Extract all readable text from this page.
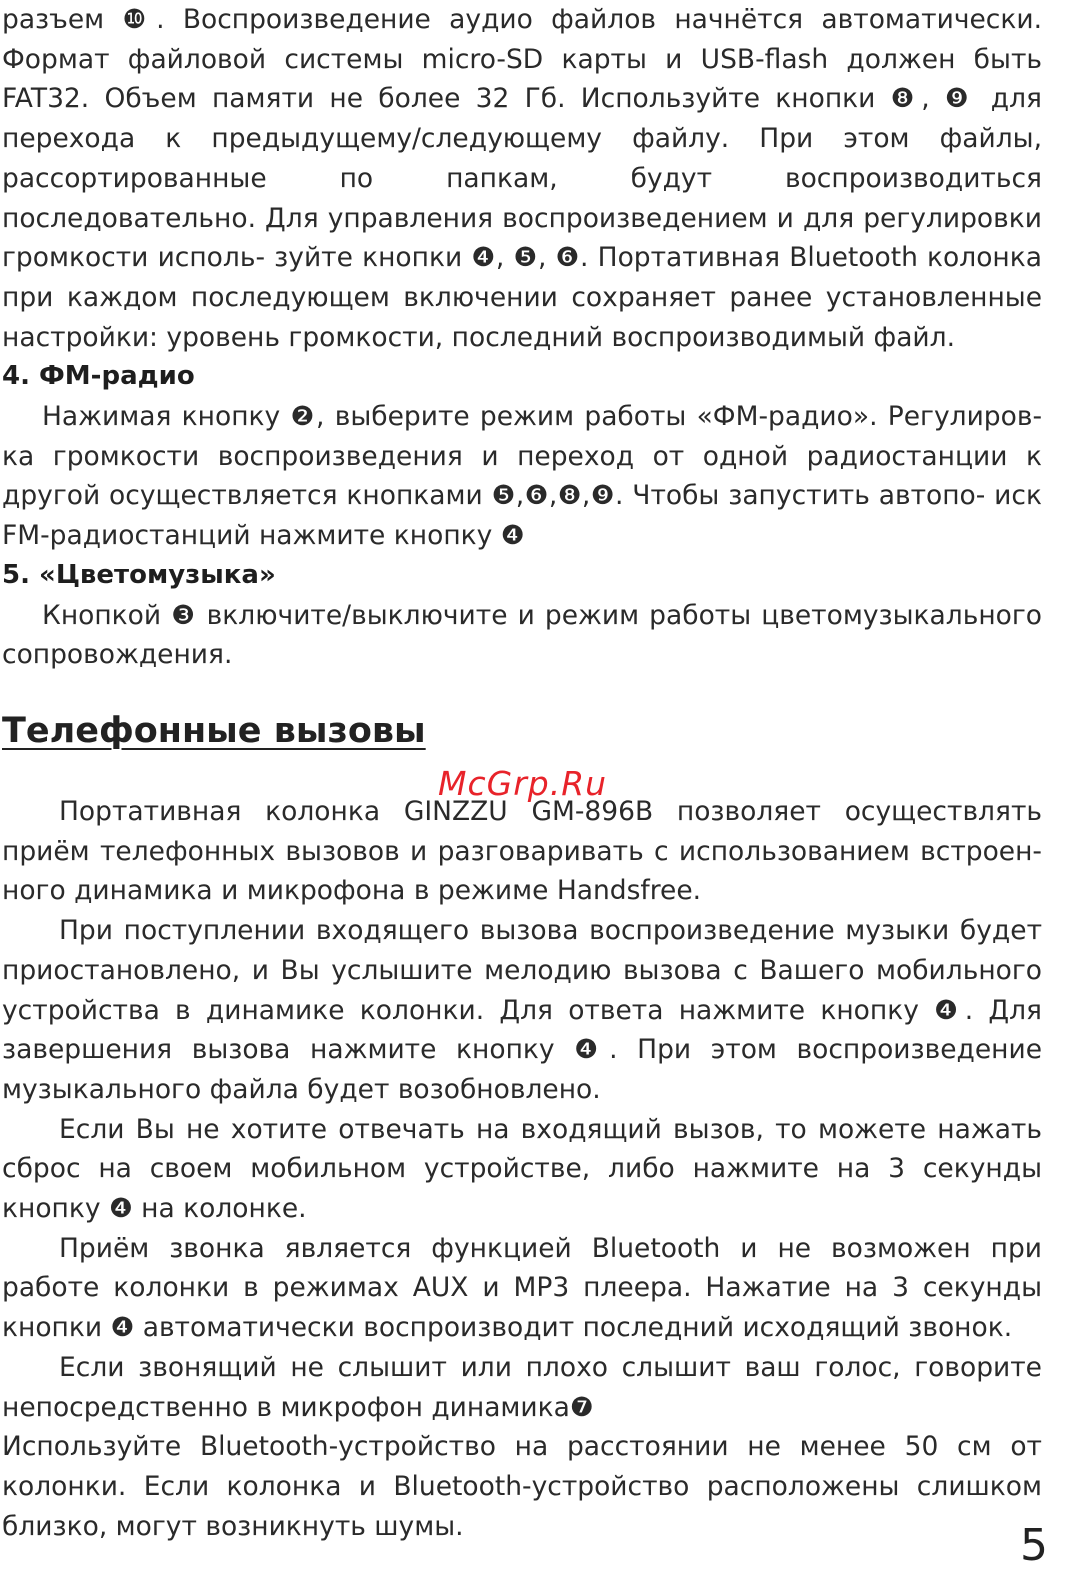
разъем ❿. Воспроизведение аудио файлов начнётся автоматически. Формат файловой системы micro-SD карты и USB-flash должен быть FAT32. Объем памяти не более 32 Гб. Используйте кнопки ❽, ❾ для перехода к предыдущему/следующему файлу. При этом файлы, рассортированные по папкам, будут воспроизводиться последовательно. Для управления воспроизведением и для регулировки громкости исполь- зуйте кнопки ❹, ❺, ❻. Портативная Bluetooth колонка при каждом последующем включении сохраняет ранее установленные настройки: уровень громкости, последний воспроизводимый файл.

4. ФМ-радио

Нажимая кнопку ❷, выберите режим работы «ФМ-радио». Регулиров- ка громкости воспроизведения и переход от одной радиостанции к другой осуществляется кнопками ❺,❻,❽,❾. Чтобы запустить автопо- иск FM-радиостанций нажмите кнопку ❹

5. «Цветомузыка»

Кнопкой ❸ включите/выключите и режим работы цветомузыкального сопровождения.

Телефонные вызовы

Портативная колонка GINZZU GM-896B позволяет осуществлять приём телефонных вызовов и разговаривать с использованием встроен- ного динамика и микрофона в режиме Handsfree.

При поступлении входящего вызова воспроизведение музыки будет приостановлено, и Вы услышите мелодию вызова с Вашего мобильного устройства в динамике колонки. Для ответа нажмите кнопку ❹. Для завершения вызова нажмите кнопку ❹. При этом воспроизведение музыкального файла будет возобновлено.

Если Вы не хотите отвечать на входящий вызов, то можете нажать сброс на своем мобильном устройстве, либо нажмите на 3 секунды кнопку ❹ на колонке.

Приём звонка является функцией Bluetooth и не возможен при работе колонки в режимах AUX и MP3 плеера. Нажатие на 3 секунды кнопки ❹ автоматически воспроизводит последний исходящий звонок.

Если звонящий не слышит или плохо слышит ваш голос, говорите непосредственно в микрофон динамика❼

Используйте Bluetooth-устройство на расстоянии не менее 50 см от колонки. Если колонка и Bluetooth-устройство расположены слишком близко, могут возникнуть шумы.

McGrp.Ru
5
